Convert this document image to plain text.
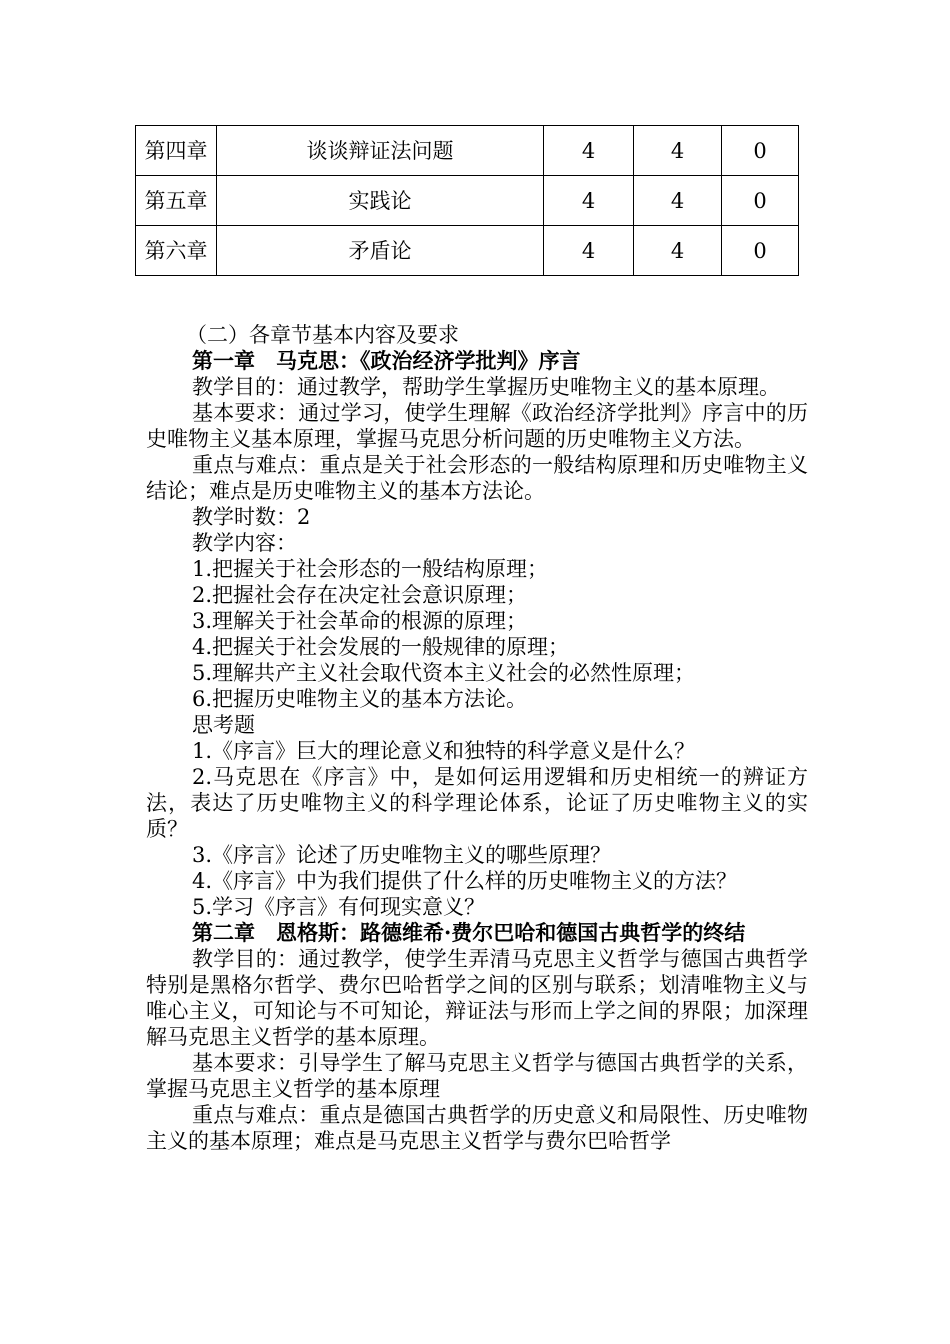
第四章	谈谈辩证法问题	4	4	0
第五章	实践论	4	4	0
第六章	矛盾论	4	4	0

（二）各章节基本内容及要求

第一章　马克思：《政治经济学批判》序言

教学目的：通过教学，帮助学生掌握历史唯物主义的基本原理。

基本要求：通过学习，使学生理解《政治经济学批判》序言中的历史唯物主义基本原理，掌握马克思分析问题的历史唯物主义方法。

重点与难点：重点是关于社会形态的一般结构原理和历史唯物主义结论；难点是历史唯物主义的基本方法论。

教学时数：2

教学内容：

1.把握关于社会形态的一般结构原理；

2.把握社会存在决定社会意识原理；

3.理解关于社会革命的根源的原理；

4.把握关于社会发展的一般规律的原理；

5.理解共产主义社会取代资本主义社会的必然性原理；

6.把握历史唯物主义的基本方法论。

思考题

1.《序言》巨大的理论意义和独特的科学意义是什么？

2.马克思在《序言》中，是如何运用逻辑和历史相统一的辨证方法，表达了历史唯物主义的科学理论体系，论证了历史唯物主义的实质？

3.《序言》论述了历史唯物主义的哪些原理？

4.《序言》中为我们提供了什么样的历史唯物主义的方法？

5.学习《序言》有何现实意义？

第二章　恩格斯：路德维希·费尔巴哈和德国古典哲学的终结

教学目的：通过教学，使学生弄清马克思主义哲学与德国古典哲学特别是黑格尔哲学、费尔巴哈哲学之间的区别与联系；划清唯物主义与唯心主义，可知论与不可知论，辩证法与形而上学之间的界限；加深理解马克思主义哲学的基本原理。

基本要求：引导学生了解马克思主义哲学与德国古典哲学的关系，掌握马克思主义哲学的基本原理

重点与难点：重点是德国古典哲学的历史意义和局限性、历史唯物主义的基本原理；难点是马克思主义哲学与费尔巴哈哲学
